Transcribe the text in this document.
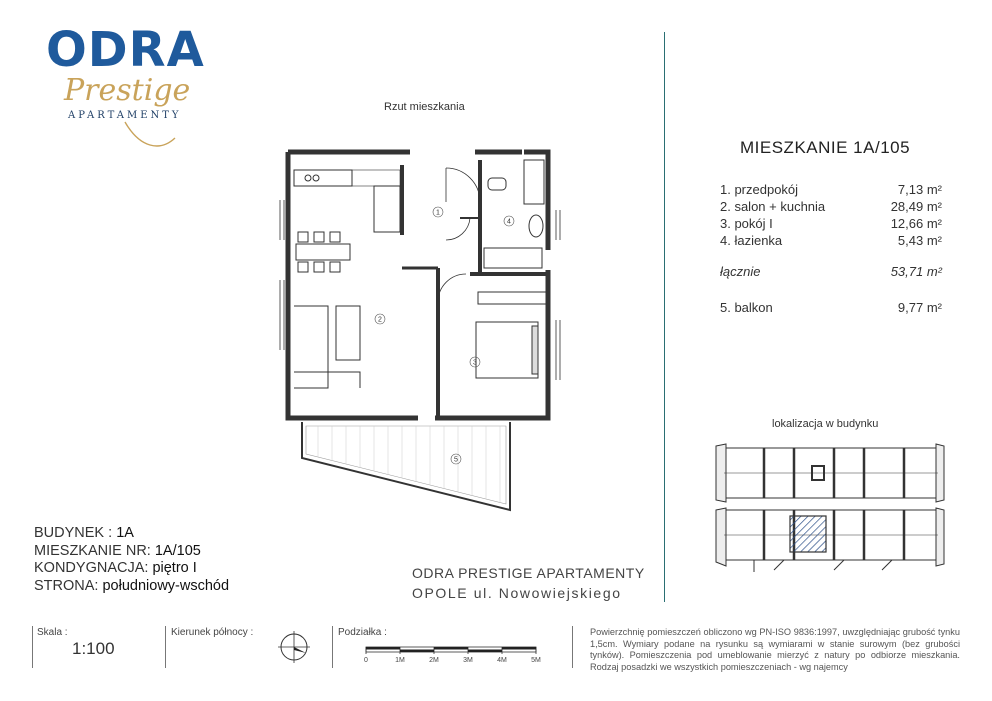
ODRA
Prestige
APARTAMENTY
Rzut mieszkania
1
2
3
4
5
MIESZKANIE 1A/105
1. przedpokój	7,13 m²
2. salon + kuchnia	28,49 m²
3. pokój I	12,66 m²
4. łazienka	5,43 m²
łącznie	53,71 m²
5. balkon	9,77 m²
lokalizacja w budynku
BUDYNEK : 1A
MIESZKANIE NR: 1A/105
KONDYGNACJA: piętro I
STRONA: południowy-wschód
ODRA PRESTIGE APARTAMENTY
OPOLE ul. Nowowiejskiego
Skala :
1:100
Kierunek północy :	Podziałka :
0	1M	2M	3M	4M	5M
Powierzchnię pomieszczeń obliczono wg PN-ISO 9836:1997, uwzględniając grubość tynku 1,5cm. Wymiary podane na rysunku są wymiarami w stanie surowym (bez grubości tynków). Pomieszczenia pod umeblowanie mierzyć z natury po odbiorze mieszkania. Rodzaj posadzki we wszystkich pomieszczeniach - wg najemcy
